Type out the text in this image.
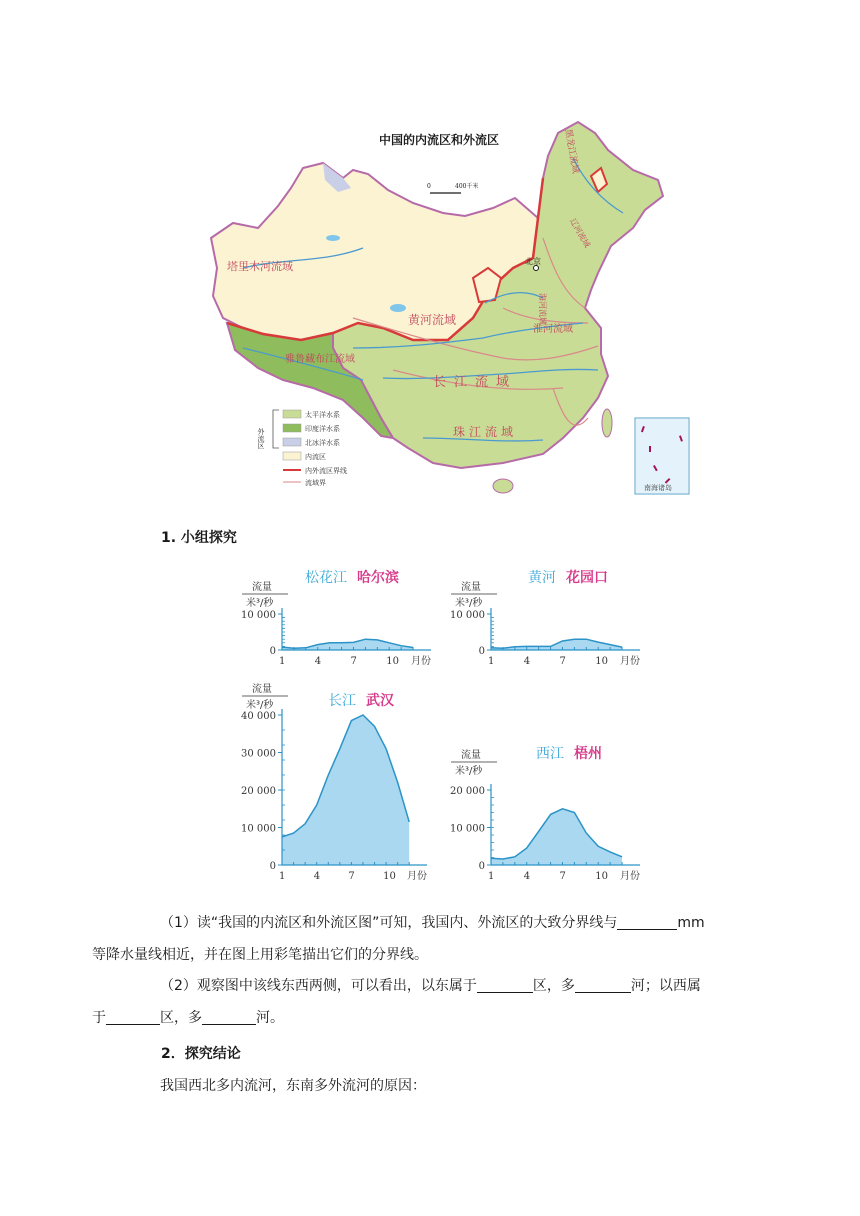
南海诸岛
中国的内流区和外流区
0	400千米
北京
塔里木河流域
黑龙江流域
辽河流域
海河流域
黄河流域
淮河流域
长江流域
珠江流域
雅鲁藏布江流域
外流区
太平洋水系
印度洋水系
北冰洋水系
内流区
内外流区界线
流域界
1. 小组探究
1	4	7	10 月份
0
10 000
流量
米³/秒
松花江 哈尔滨
1	4	7	10 月份
0
10 000
流量
米³/秒
黄河 花园口
1	4	7	10 月份
0
10 000
20 000
30 000
40 000
流量
米³/秒	长江 武汉
1	4	7	10 月份
0
10 000
20 000
流量
米³/秒
西江 梧州
（1）读“我国的内流区和外流区图”可知，我国内、外流区的大致分界线与	mm
等降水量线相近，并在图上用彩笔描出它们的分界线。
（2）观察图中该线东西两侧，可以看出，以东属于	区，多	河；以西属
于	区，多	河。
2．探究结论
我国西北多内流河，东南多外流河的原因：
